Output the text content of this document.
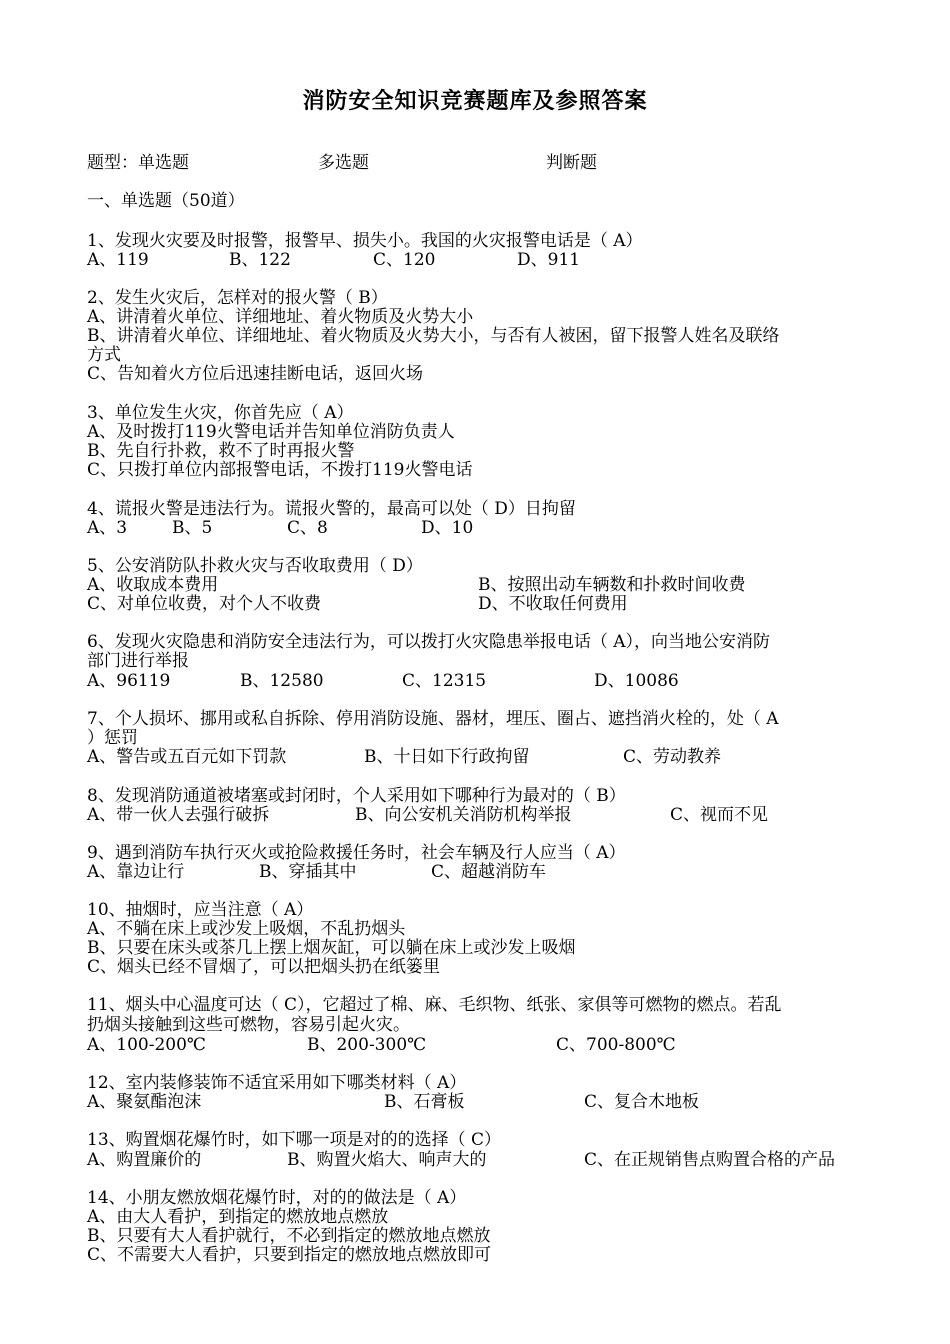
消防安全知识竞赛题库及参照答案
题型：单选题	多选题	判断题
一、单选题（50道）
1、发现火灾要及时报警，报警早、损失小。我国的火灾报警电话是（ A）
A、119	B、122	C、120	D、911
2、发生火灾后，怎样对的报火警（ B）
A、讲清着火单位、详细地址、着火物质及火势大小
B、讲清着火单位、详细地址、着火物质及火势大小，与否有人被困，留下报警人姓名及联络
方式
C、告知着火方位后迅速挂断电话，返回火场
3、单位发生火灾，你首先应（ A）
A、及时拨打119火警电话并告知单位消防负责人
B、先自行扑救，救不了时再报火警
C、只拨打单位内部报警电话，不拨打119火警电话
4、谎报火警是违法行为。谎报火警的，最高可以处（ D）日拘留
A、3	B、5	C、8	D、10
5、公安消防队扑救火灾与否收取费用（ D）
A、收取成本费用	B、按照出动车辆数和扑救时间收费
C、对单位收费，对个人不收费	D、不收取任何费用
6、发现火灾隐患和消防安全违法行为，可以拨打火灾隐患举报电话（ A），向当地公安消防
部门进行举报
A、96119	B、12580	C、12315	D、10086
7、个人损坏、挪用或私自拆除、停用消防设施、器材，埋压、圈占、遮挡消火栓的，处（ A
）惩罚
A、警告或五百元如下罚款	B、十日如下行政拘留	C、劳动教养
8、发现消防通道被堵塞或封闭时，个人采用如下哪种行为最对的（ B）
A、带一伙人去强行破拆	B、向公安机关消防机构举报	C、视而不见
9、遇到消防车执行灭火或抢险救援任务时，社会车辆及行人应当（ A）
A、靠边让行	B、穿插其中	C、超越消防车
10、抽烟时，应当注意（ A）
A、不躺在床上或沙发上吸烟，不乱扔烟头
B、只要在床头或茶几上摆上烟灰缸，可以躺在床上或沙发上吸烟
C、烟头已经不冒烟了，可以把烟头扔在纸篓里
11、烟头中心温度可达（ C），它超过了棉、麻、毛织物、纸张、家俱等可燃物的燃点。若乱
扔烟头接触到这些可燃物，容易引起火灾。
A、100-200℃	B、200-300℃	C、700-800℃
12、室内装修装饰不适宜采用如下哪类材料（ A）
A、聚氨酯泡沫	B、石膏板	C、复合木地板
13、购置烟花爆竹时，如下哪一项是对的的选择（ C）
A、购置廉价的	B、购置火焰大、响声大的	C、在正规销售点购置合格的产品
14、小朋友燃放烟花爆竹时，对的的做法是（ A）
A、由大人看护，到指定的燃放地点燃放
B、只要有大人看护就行，不必到指定的燃放地点燃放
C、不需要大人看护，只要到指定的燃放地点燃放即可
